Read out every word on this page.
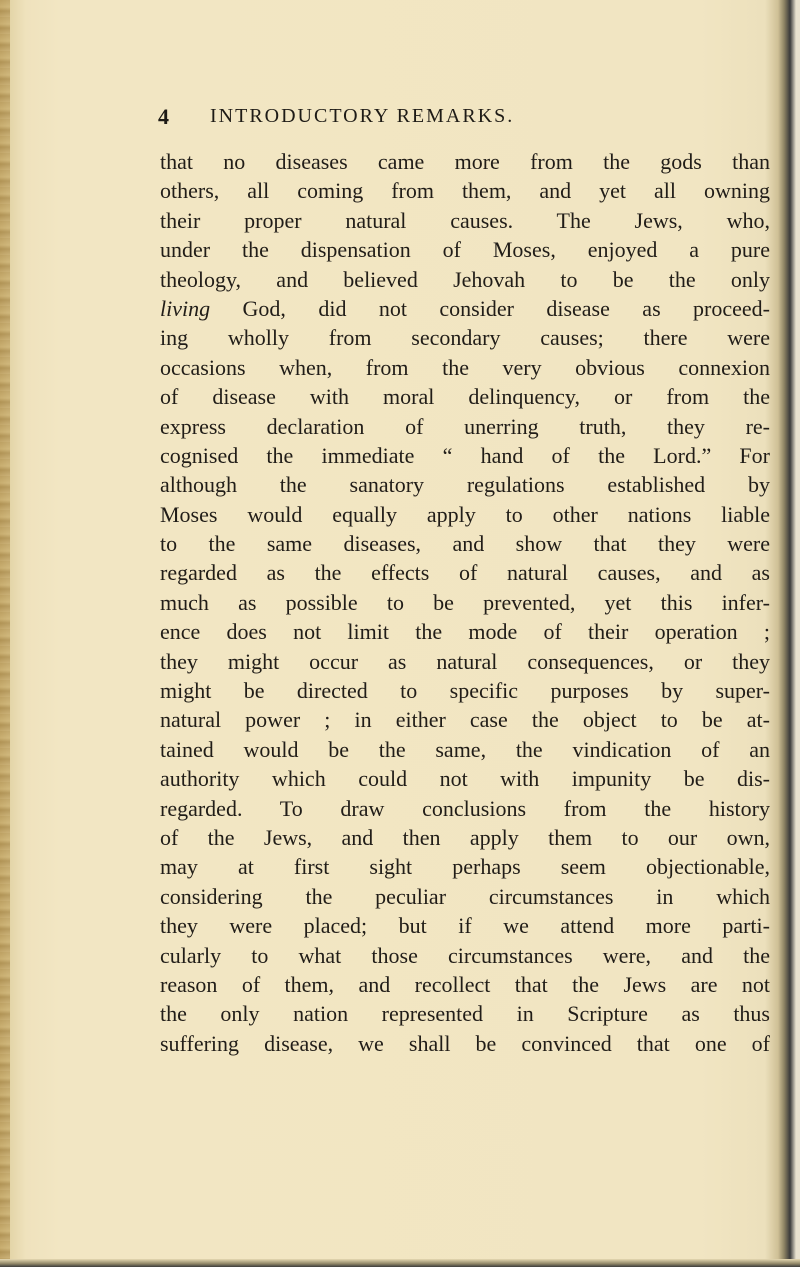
4 INTRODUCTORY REMARKS.
that no diseases came more from the gods than
others, all coming from them, and yet all owning
their proper natural causes. The Jews, who,
under the dispensation of Moses, enjoyed a pure
theology, and believed Jehovah to be the only
living God, did not consider disease as proceed-
ing wholly from secondary causes; there were
occasions when, from the very obvious connexion
of disease with moral delinquency, or from the
express declaration of unerring truth, they re-
cognised the immediate “ hand of the Lord.” For
although the sanatory regulations established by
Moses would equally apply to other nations liable
to the same diseases, and show that they were
regarded as the effects of natural causes, and as
much as possible to be prevented, yet this infer-
ence does not limit the mode of their operation ;
they might occur as natural consequences, or they
might be directed to specific purposes by super-
natural power ; in either case the object to be at-
tained would be the same, the vindication of an
authority which could not with impunity be dis-
regarded. To draw conclusions from the history
of the Jews, and then apply them to our own,
may at first sight perhaps seem objectionable,
considering the peculiar circumstances in which
they were placed; but if we attend more parti-
cularly to what those circumstances were, and the
reason of them, and recollect that the Jews are not
the only nation represented in Scripture as thus
suffering disease, we shall be convinced that one of
